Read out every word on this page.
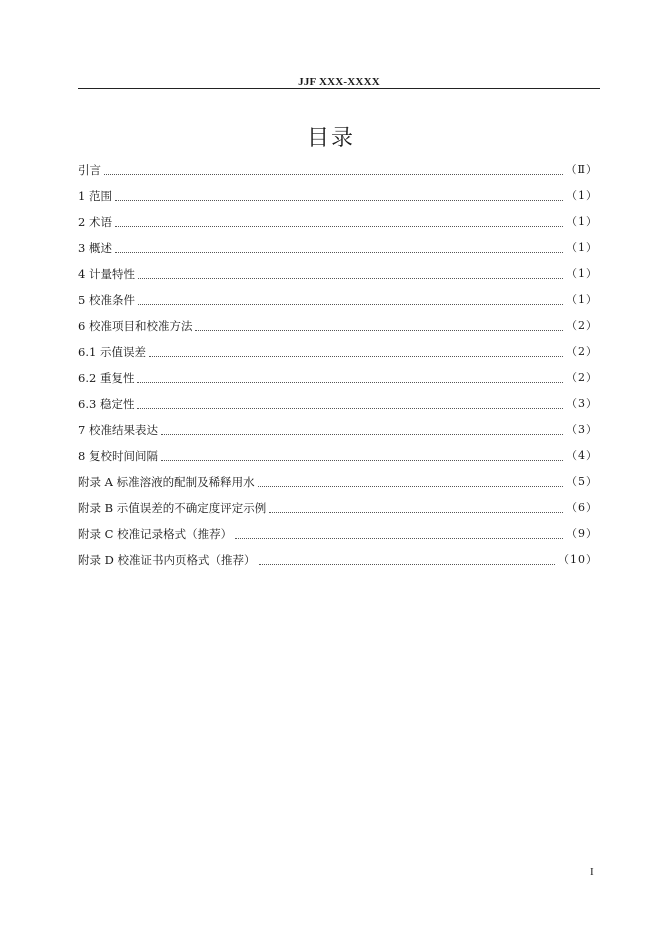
JJF XXX-XXXX
目录
引言	（Ⅱ）
1 范围	（1）
2 术语	（1）
3 概述	（1）
4 计量特性	（1）
5 校准条件	（1）
6 校准项目和校准方法	（2）
6.1 示值误差	（2）
6.2 重复性	（2）
6.3 稳定性	（3）
7 校准结果表达	（3）
8 复校时间间隔	（4）
附录 A 标准溶液的配制及稀释用水	（5）
附录 B 示值误差的不确定度评定示例	（6）
附录 C 校准记录格式（推荐）	（9）
附录 D 校准证书内页格式（推荐）	（10）
I
